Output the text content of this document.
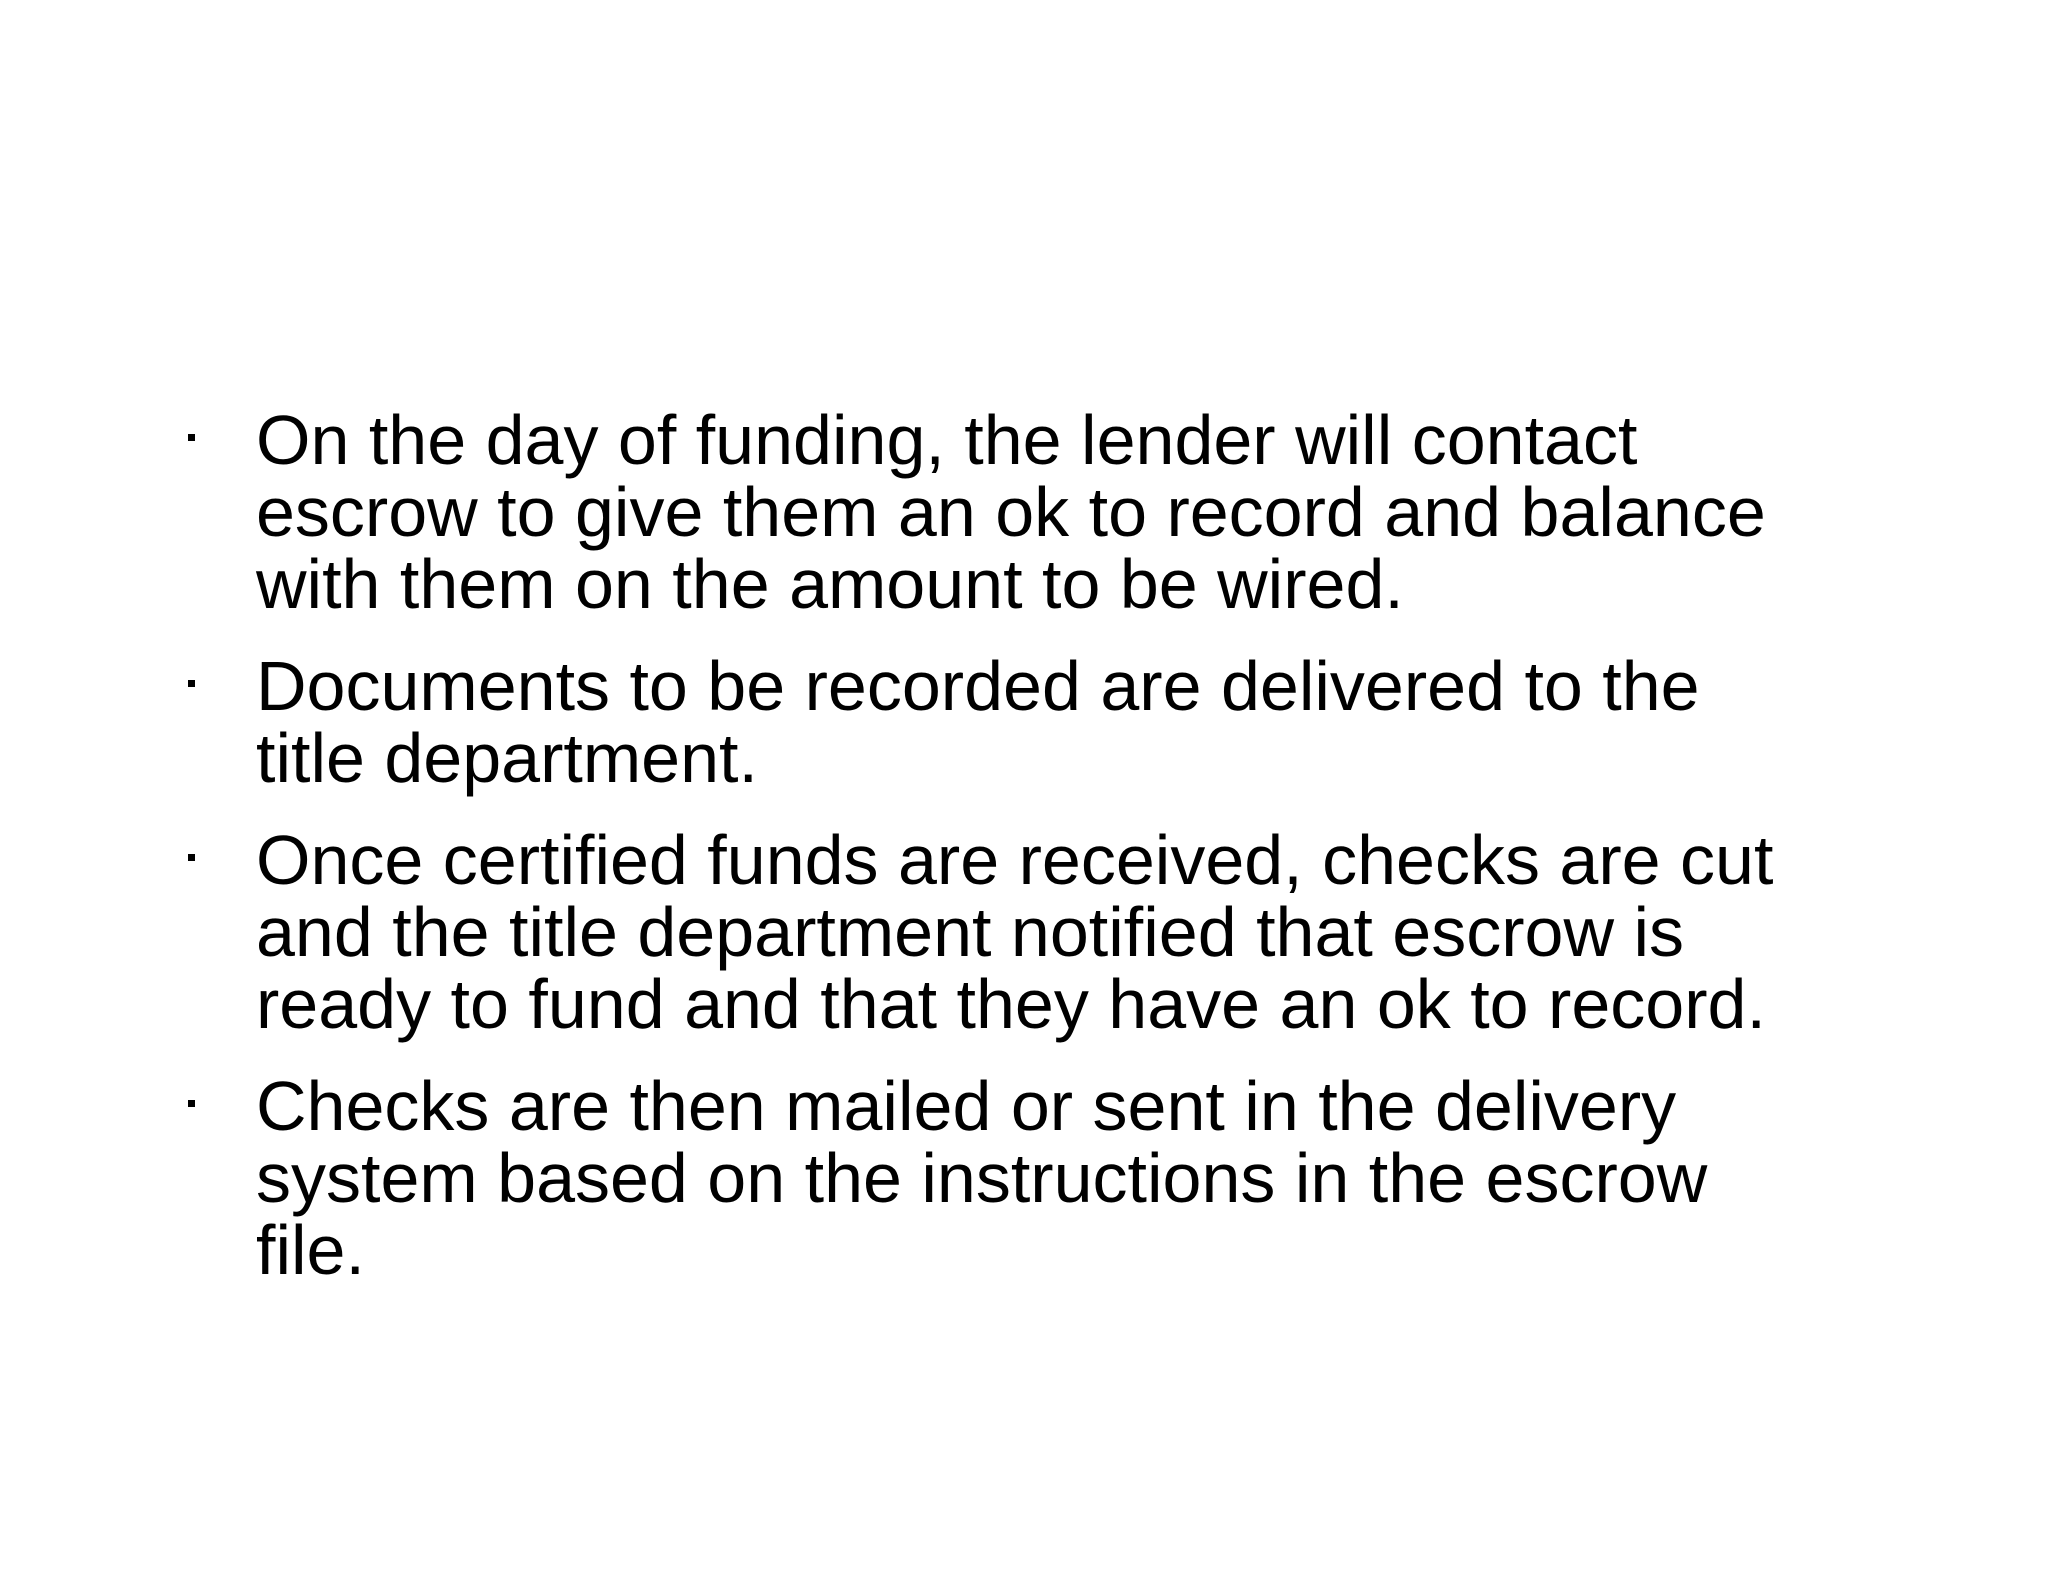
On the day of funding, the lender will contact
escrow to give them an ok to record and balance
with them on the amount to be wired.
Documents to be recorded are delivered to the
title department.
Once certified funds are received, checks are cut
and the title department notified that escrow is
ready to fund and that they have an ok to record.
Checks are then mailed or sent in the delivery
system based on the instructions in the escrow
file.
